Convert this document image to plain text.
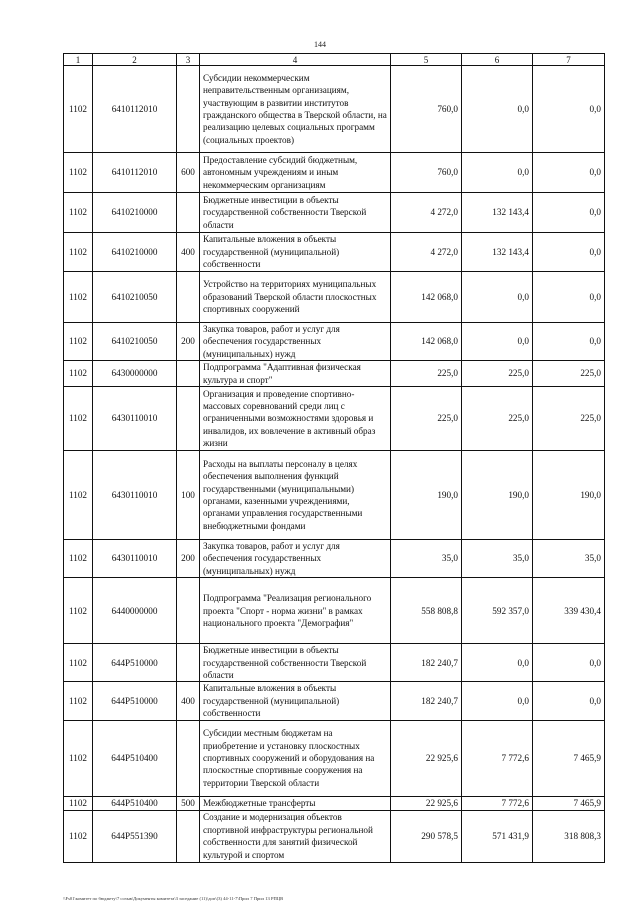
144
1	2	3	4	5	6	7
1102	6410112010		Субсидии некоммерческим неправительственным организациям, участвующим в развитии институтов гражданского общества в Тверской области, на реализацию целевых социальных программ (социальных проектов)	760,0	0,0	0,0
1102	6410112010	600	Предоставление субсидий бюджетным, автономным учреждениям и иным некоммерческим организациям	760,0	0,0	0,0
1102	6410210000		Бюджетные инвестиции в объекты государственной собственности Тверской области	4 272,0	132 143,4	0,0
1102	6410210000	400	Капитальные вложения в объекты государственной (муниципальной) собственности	4 272,0	132 143,4	0,0
1102	6410210050		Устройство на территориях муниципальных образований Тверской области плоскостных спортивных сооружений	142 068,0	0,0	0,0
1102	6410210050	200	Закупка товаров, работ и услуг для обеспечения государственных (муниципальных) нужд	142 068,0	0,0	0,0
1102	6430000000		Подпрограмма "Адаптивная физическая культура и спорт"	225,0	225,0	225,0
1102	6430110010		Организация и проведение спортивно-массовых соревнований среди лиц с ограниченными возможностями здоровья и инвалидов, их вовлечение в активный образ жизни	225,0	225,0	225,0
1102	6430110010	100	Расходы на выплаты персоналу в целях обеспечения выполнения функций государственными (муниципальными) органами, казенными учреждениями, органами управления государственными внебюджетными фондами	190,0	190,0	190,0
1102	6430110010	200	Закупка товаров, работ и услуг для обеспечения государственных (муниципальных) нужд	35,0	35,0	35,0
1102	6440000000		Подпрограмма "Реализация регионального проекта "Спорт - норма жизни" в рамках национального проекта "Демография"	558 808,8	592 357,0	339 430,4
1102	644P510000		Бюджетные инвестиции в объекты государственной собственности Тверской области	182 240,7	0,0	0,0
1102	644P510000	400	Капитальные вложения в объекты государственной (муниципальной) собственности	182 240,7	0,0	0,0
1102	644P510400		Субсидии местным бюджетам на приобретение и установку плоскостных спортивных сооружений и оборудования на плоскостные спортивные сооружения на территории Тверской области	22 925,6	7 772,6	7 465,9
1102	644P510400	500	Межбюджетные трансферты	22 925,6	7 772,6	7 465,9
1102	644P551390		Создание и модернизация объектов спортивной инфраструктуры региональной собственности для занятий физической культурой и спортом	290 578,5	571 431,9	318 808,3
\\Fs01\комитет по бюджету\7 созыв\Документы комитета\3 заседание (11)\доп\(3) 44-11-7\Прил 7 Прил 13 РПЦВ
